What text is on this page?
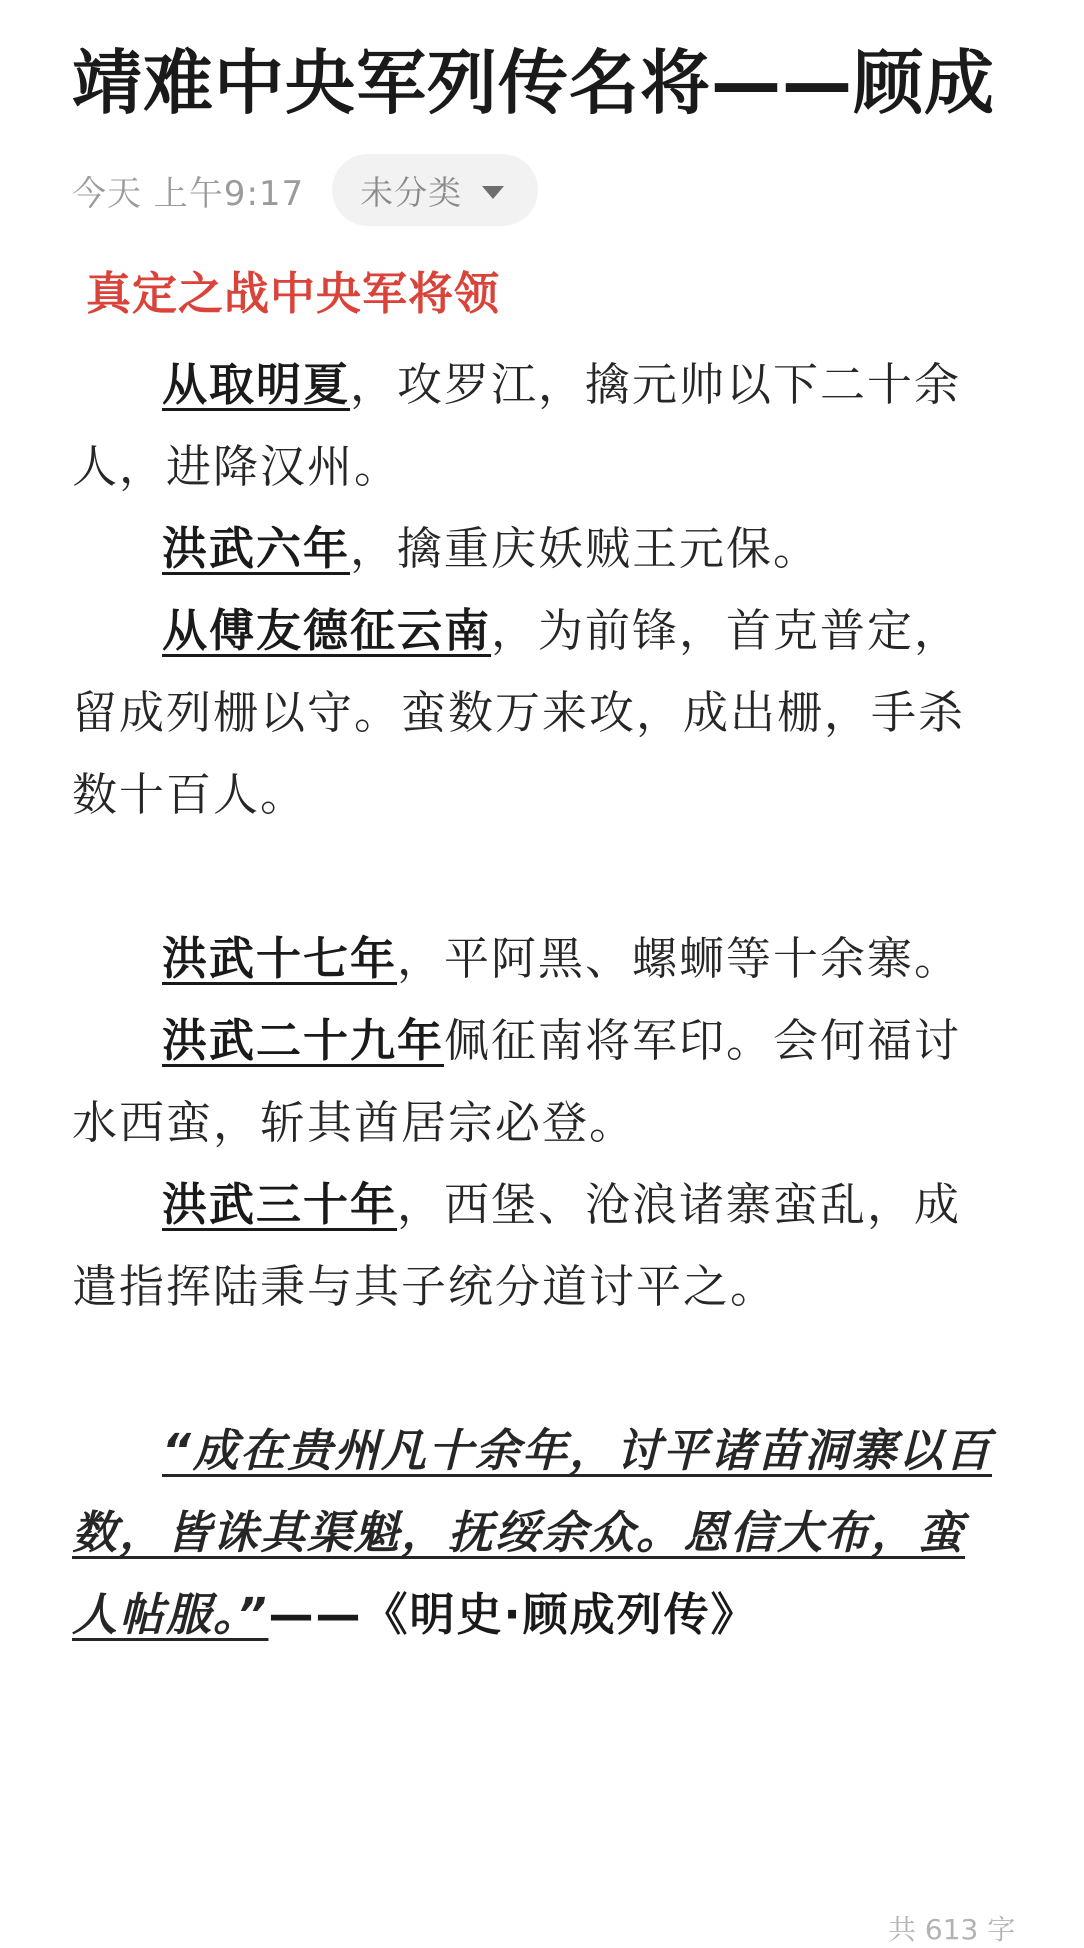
靖难中央军列传名将——顾成
今天 上午9:17 未分类
真定之战中央军将领

从取明夏，攻罗江，擒元帅以下二十余人，进降汉州。

洪武六年，擒重庆妖贼王元保。

从傅友德征云南，为前锋，首克普定，留成列栅以守。蛮数万来攻，成出栅，手杀数十百人。

洪武十七年，平阿黑、螺蛳等十余寨。

洪武二十九年佩征南将军印。会何福讨水西蛮，斩其酋居宗必登。

洪武三十年，西堡、沧浪诸寨蛮乱，成遣指挥陆秉与其子统分道讨平之。

“成在贵州凡十余年，讨平诸苗洞寨以百数，皆诛其渠魁，抚绥余众。恩信大布，蛮人帖服。”——《明史·顾成列传》

共 613 字
